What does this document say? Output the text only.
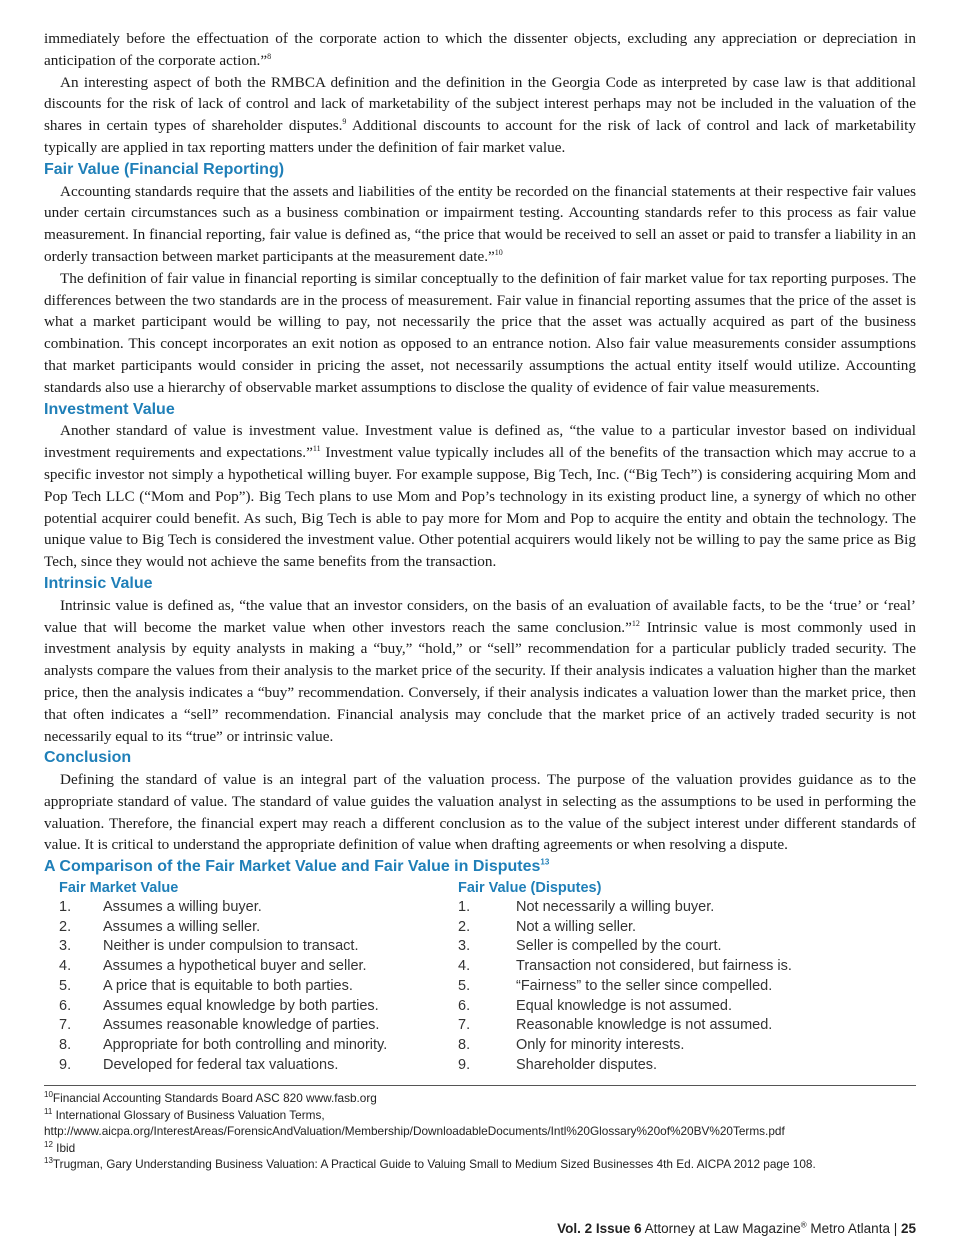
immediately before the effectuation of the corporate action to which the dissenter objects, excluding any appreciation or depreciation in anticipation of the corporate action.”$^8$

An interesting aspect of both the RMBCA definition and the definition in the Georgia Code as interpreted by case law is that additional discounts for the risk of lack of control and lack of marketability of the subject interest perhaps may not be included in the valuation of the shares in certain types of shareholder disputes.$^9$ Additional discounts to account for the risk of lack of control and lack of marketability typically are applied in tax reporting matters under the definition of fair market value.

Fair Value (Financial Reporting)

Accounting standards require that the assets and liabilities of the entity be recorded on the financial statements at their respective fair values under certain circumstances such as a business combination or impairment testing. Accounting standards refer to this process as fair value measurement. In financial reporting, fair value is defined as, “the price that would be received to sell an asset or paid to transfer a liability in an orderly transaction between market participants at the measurement date.”$^{10}$

The definition of fair value in financial reporting is similar conceptually to the definition of fair market value for tax reporting purposes. The differences between the two standards are in the process of measurement. Fair value in financial reporting assumes that the price of the asset is what a market participant would be willing to pay, not necessarily the price that the asset was actually acquired as part of the business combination. This concept incorporates an exit notion as opposed to an entrance notion. Also fair value measurements consider assumptions that market participants would consider in pricing the asset, not necessarily assumptions the actual entity itself would utilize. Accounting standards also use a hierarchy of observable market assumptions to disclose the quality of evidence of fair value measurements.

Investment Value

Another standard of value is investment value. Investment value is defined as, “the value to a particular investor based on individual investment requirements and expectations.”$^{11}$ Investment value typically includes all of the benefits of the transaction which may accrue to a specific investor not simply a hypothetical willing buyer. For example suppose, Big Tech, Inc. (“Big Tech”) is considering acquiring Mom and Pop Tech LLC (“Mom and Pop”). Big Tech plans to use Mom and Pop’s technology in its existing product line, a synergy of which no other potential acquirer could benefit. As such, Big Tech is able to pay more for Mom and Pop to acquire the entity and obtain the technology. The unique value to Big Tech is considered the investment value. Other potential acquirers would likely not be willing to pay the same price as Big Tech, since they would not achieve the same benefits from the transaction.

Intrinsic Value

Intrinsic value is defined as, “the value that an investor considers, on the basis of an evaluation of available facts, to be the ‘true’ or ‘real’ value that will become the market value when other investors reach the same conclusion.”$^{12}$ Intrinsic value is most commonly used in investment analysis by equity analysts in making a “buy,” “hold,” or “sell” recommendation for a particular publicly traded security. The analysts compare the values from their analysis to the market price of the security. If their analysis indicates a valuation higher than the market price, then the analysis indicates a “buy” recommendation. Conversely, if their analysis indicates a valuation lower than the market price, then that often indicates a “sell” recommendation. Financial analysis may conclude that the market price of an actively traded security is not necessarily equal to its “true” or intrinsic value.

Conclusion

Defining the standard of value is an integral part of the valuation process. The purpose of the valuation provides guidance as to the appropriate standard of value. The standard of value guides the valuation analyst in selecting as the assumptions to be used in performing the valuation. Therefore, the financial expert may reach a different conclusion as to the value of the subject interest under different standards of value. It is critical to understand the appropriate definition of value when drafting agreements or when resolving a dispute.

A Comparison of the Fair Market Value and Fair Value in Disputes$^{13}$
Fair Market Value
1.	Assumes a willing buyer.
2.	Assumes a willing seller.
3.	Neither is under compulsion to transact.
4.	Assumes a hypothetical buyer and seller.
5.	A price that is equitable to both parties.
6.	Assumes equal knowledge by both parties.
7.	Assumes reasonable knowledge of parties.
8.	Appropriate for both controlling and minority.
9.	Developed for federal tax valuations.
Fair Value (Disputes)
1.	Not necessarily a willing buyer.
2.	Not a willing seller.
3.	Seller is compelled by the court.
4.	Transaction not considered, but fairness is.
5.	“Fairness” to the seller since compelled.
6.	Equal knowledge is not assumed.
7.	Reasonable knowledge is not assumed.
8.	Only for minority interests.
9.	Shareholder disputes.
$^{10}$Financial Accounting Standards Board ASC 820 www.fasb.org
$^{11}$ International Glossary of Business Valuation Terms, http://www.aicpa.org/InterestAreas/ForensicAndValuation/Membership/DownloadableDocuments/Intl%20Glossary%20of%20BV%20Terms.pdf
$^{12}$ Ibid
$^{13}$Trugman, Gary Understanding Business Valuation: A Practical Guide to Valuing Small to Medium Sized Businesses 4th Ed. AICPA 2012 page 108.
Vol. 2 Issue 6 Attorney at Law Magazine® Metro Atlanta | 25
